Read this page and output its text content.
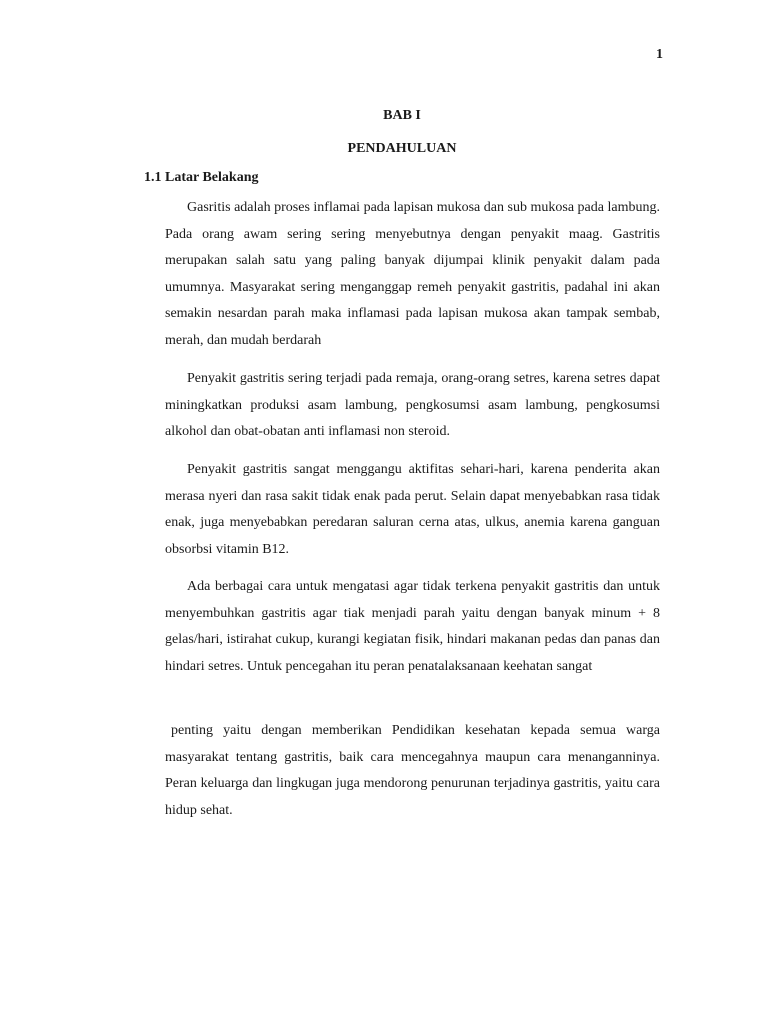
1
BAB I
PENDAHULUAN
1.1 Latar Belakang

Gasritis adalah proses inflamai pada lapisan mukosa dan sub mukosa pada lambung. Pada orang awam sering sering menyebutnya dengan penyakit maag. Gastritis merupakan salah satu yang paling banyak dijumpai klinik penyakit dalam pada umumnya. Masyarakat sering menganggap remeh penyakit gastritis, padahal ini akan semakin nesardan parah maka inflamasi pada lapisan mukosa akan tampak sembab, merah, dan mudah berdarah

Penyakit gastritis sering terjadi pada remaja, orang-orang setres, karena setres dapat miningkatkan produksi asam lambung, pengkosumsi asam lambung, pengkosumsi alkohol dan obat-obatan anti inflamasi non steroid.

Penyakit gastritis sangat menggangu aktifitas sehari-hari, karena penderita akan merasa nyeri dan rasa sakit tidak enak pada perut. Selain dapat menyebabkan rasa tidak enak, juga menyebabkan peredaran saluran cerna atas, ulkus, anemia karena ganguan obsorbsi vitamin B12.

Ada berbagai cara untuk mengatasi agar tidak terkena penyakit gastritis dan untuk menyembuhkan gastritis agar tiak menjadi parah yaitu dengan banyak minum + 8 gelas/hari, istirahat cukup, kurangi kegiatan fisik, hindari makanan pedas dan panas dan hindari setres. Untuk pencegahan itu peran penatalaksanaan keehatan sangat

penting yaitu dengan memberikan Pendidikan kesehatan kepada semua warga masyarakat tentang gastritis, baik cara mencegahnya maupun cara menanganninya. Peran keluarga dan lingkugan juga mendorong penurunan terjadinya gastritis, yaitu cara hidup sehat.
